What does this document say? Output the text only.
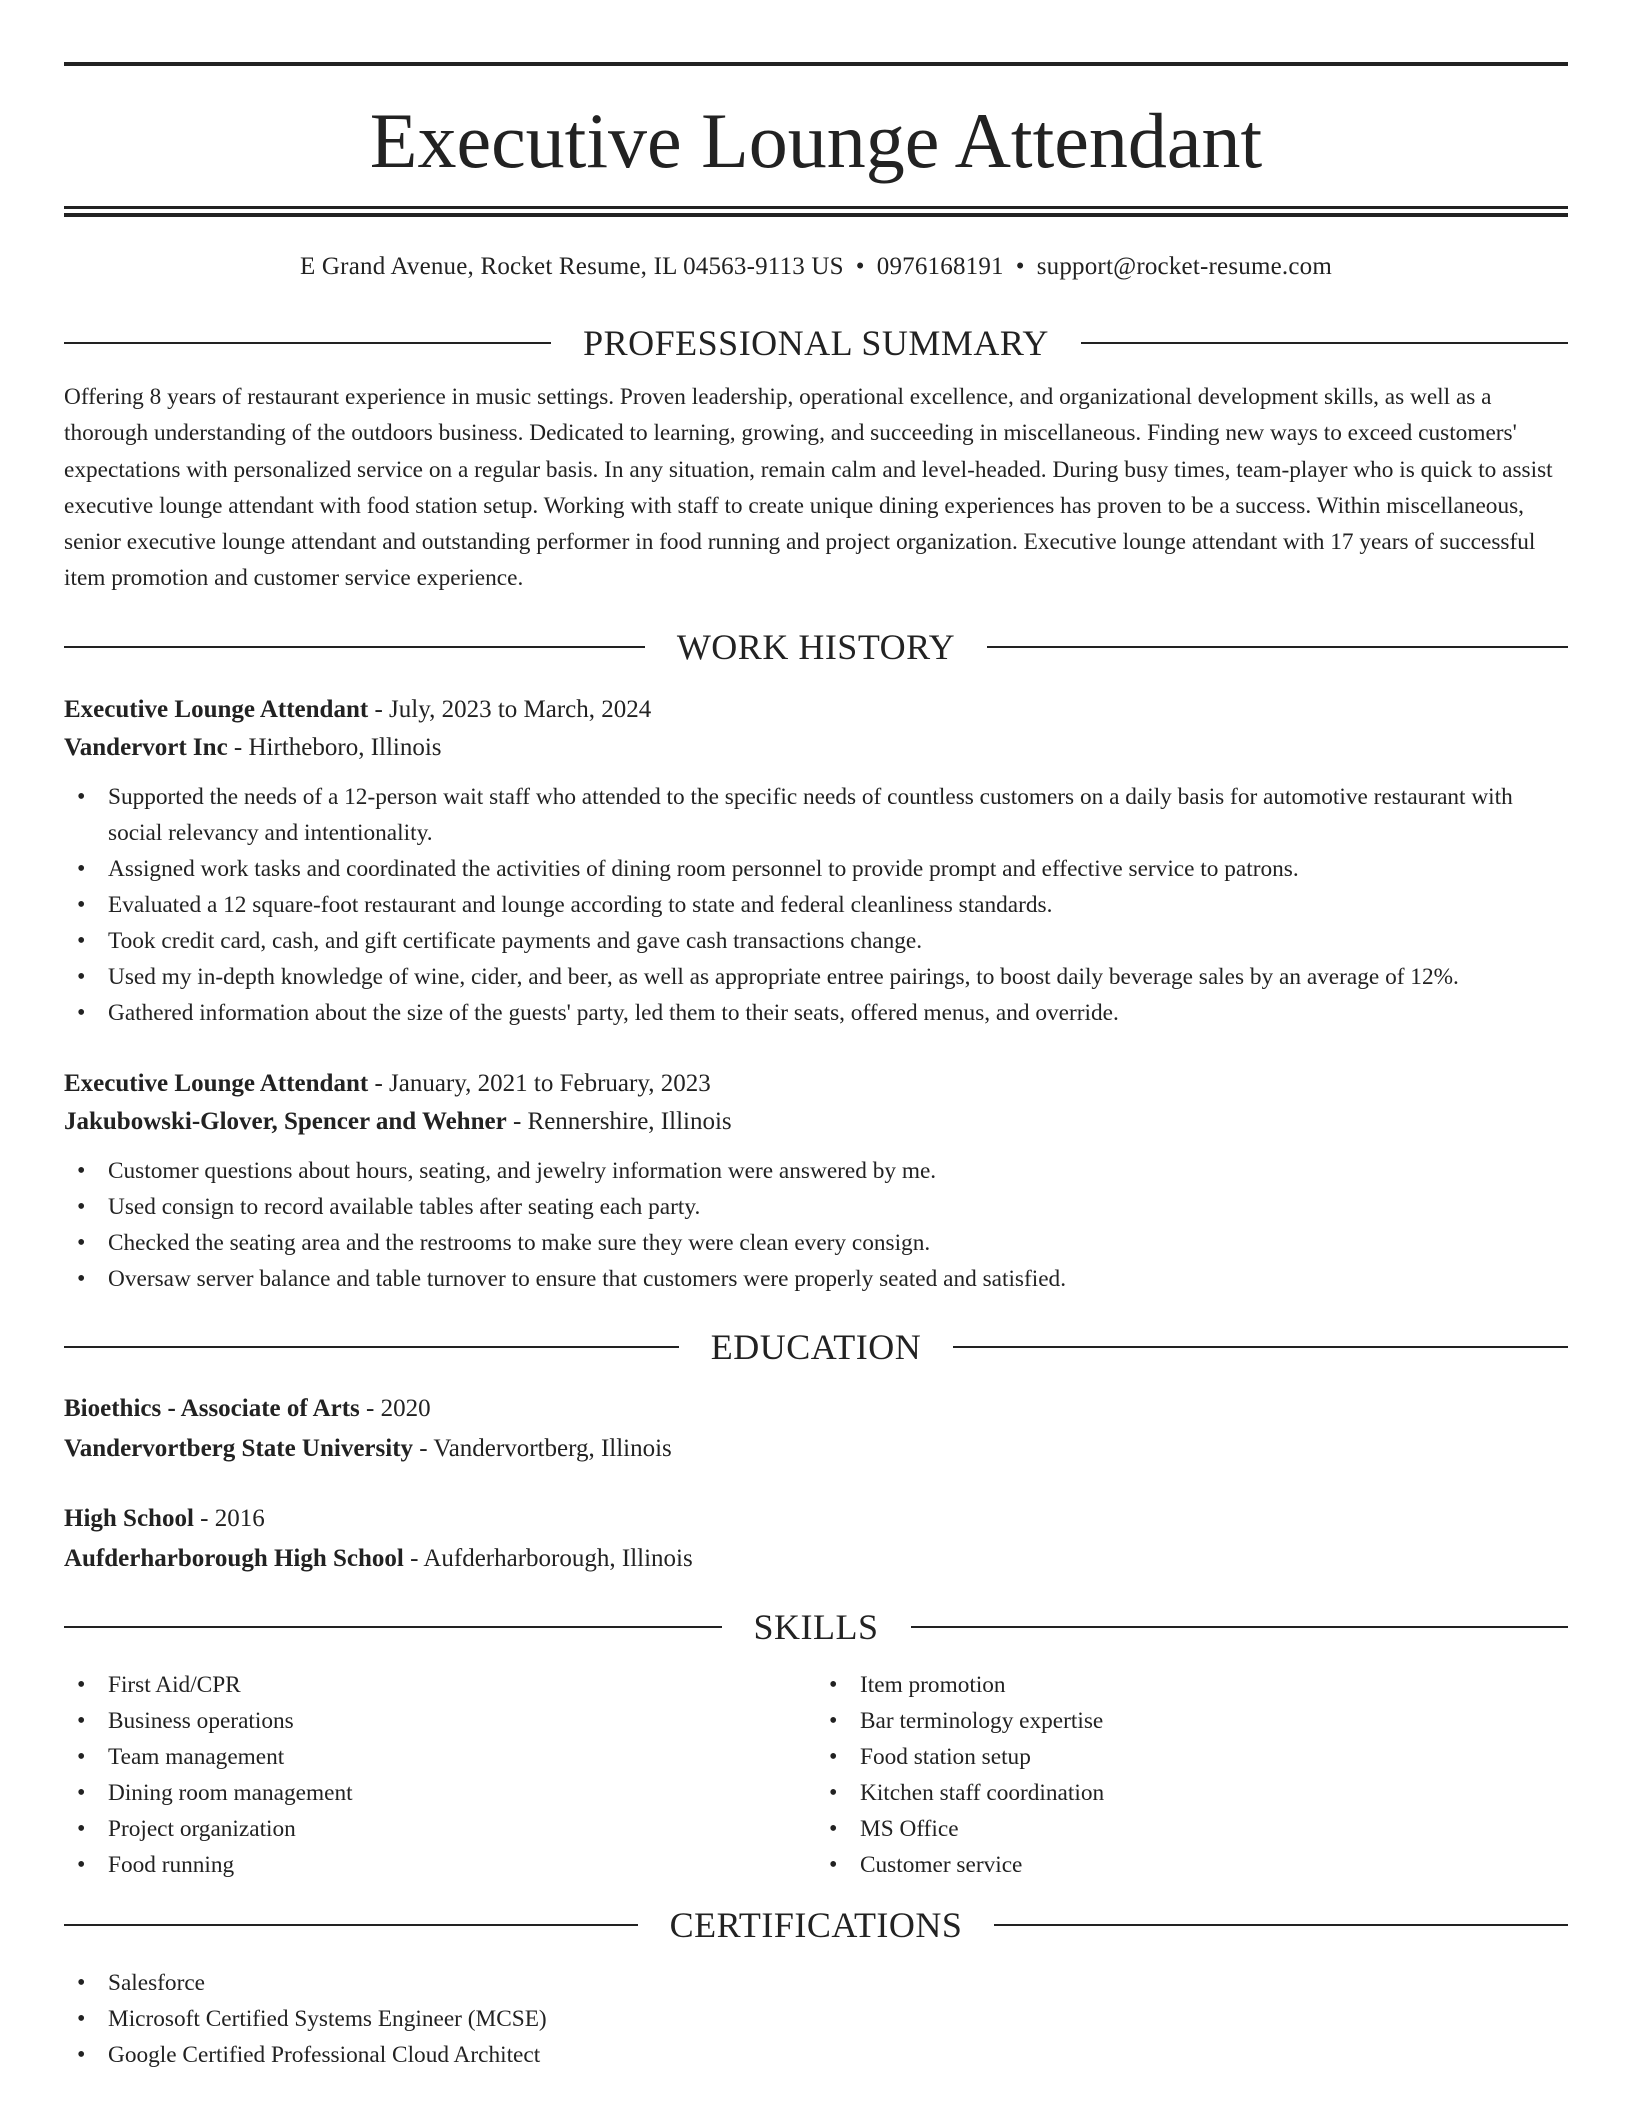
Executive Lounge Attendant
E Grand Avenue, Rocket Resume, IL 04563-9113 US • 0976168191 • support@rocket-resume.com
PROFESSIONAL SUMMARY

Offering 8 years of restaurant experience in music settings. Proven leadership, operational excellence, and organizational development skills, as well as a thorough understanding of the outdoors business. Dedicated to learning, growing, and succeeding in miscellaneous. Finding new ways to exceed customers' expectations with personalized service on a regular basis. In any situation, remain calm and level-headed. During busy times, team-player who is quick to assist executive lounge attendant with food station setup. Working with staff to create unique dining experiences has proven to be a success. Within miscellaneous, senior executive lounge attendant and outstanding performer in food running and project organization. Executive lounge attendant with 17 years of successful item promotion and customer service experience.

WORK HISTORY
Executive Lounge Attendant - July, 2023 to March, 2024
Vandervort Inc - Hirtheboro, Illinois
• Supported the needs of a 12-person wait staff who attended to the specific needs of countless customers on a daily basis for automotive restaurant with social relevancy and intentionality.
• Assigned work tasks and coordinated the activities of dining room personnel to provide prompt and effective service to patrons.
• Evaluated a 12 square-foot restaurant and lounge according to state and federal cleanliness standards.
• Took credit card, cash, and gift certificate payments and gave cash transactions change.
• Used my in-depth knowledge of wine, cider, and beer, as well as appropriate entree pairings, to boost daily beverage sales by an average of 12%.
• Gathered information about the size of the guests' party, led them to their seats, offered menus, and override.
Executive Lounge Attendant - January, 2021 to February, 2023
Jakubowski-Glover, Spencer and Wehner - Rennershire, Illinois
• Customer questions about hours, seating, and jewelry information were answered by me.
• Used consign to record available tables after seating each party.
• Checked the seating area and the restrooms to make sure they were clean every consign.
• Oversaw server balance and table turnover to ensure that customers were properly seated and satisfied.
EDUCATION
Bioethics - Associate of Arts - 2020
Vandervortberg State University - Vandervortberg, Illinois
High School - 2016
Aufderharborough High School - Aufderharborough, Illinois
SKILLS
• First Aid/CPR
• Business operations
• Team management
• Dining room management
• Project organization
• Food running
• Item promotion
• Bar terminology expertise
• Food station setup
• Kitchen staff coordination
• MS Office
• Customer service
CERTIFICATIONS
• Salesforce
• Microsoft Certified Systems Engineer (MCSE)
• Google Certified Professional Cloud Architect
